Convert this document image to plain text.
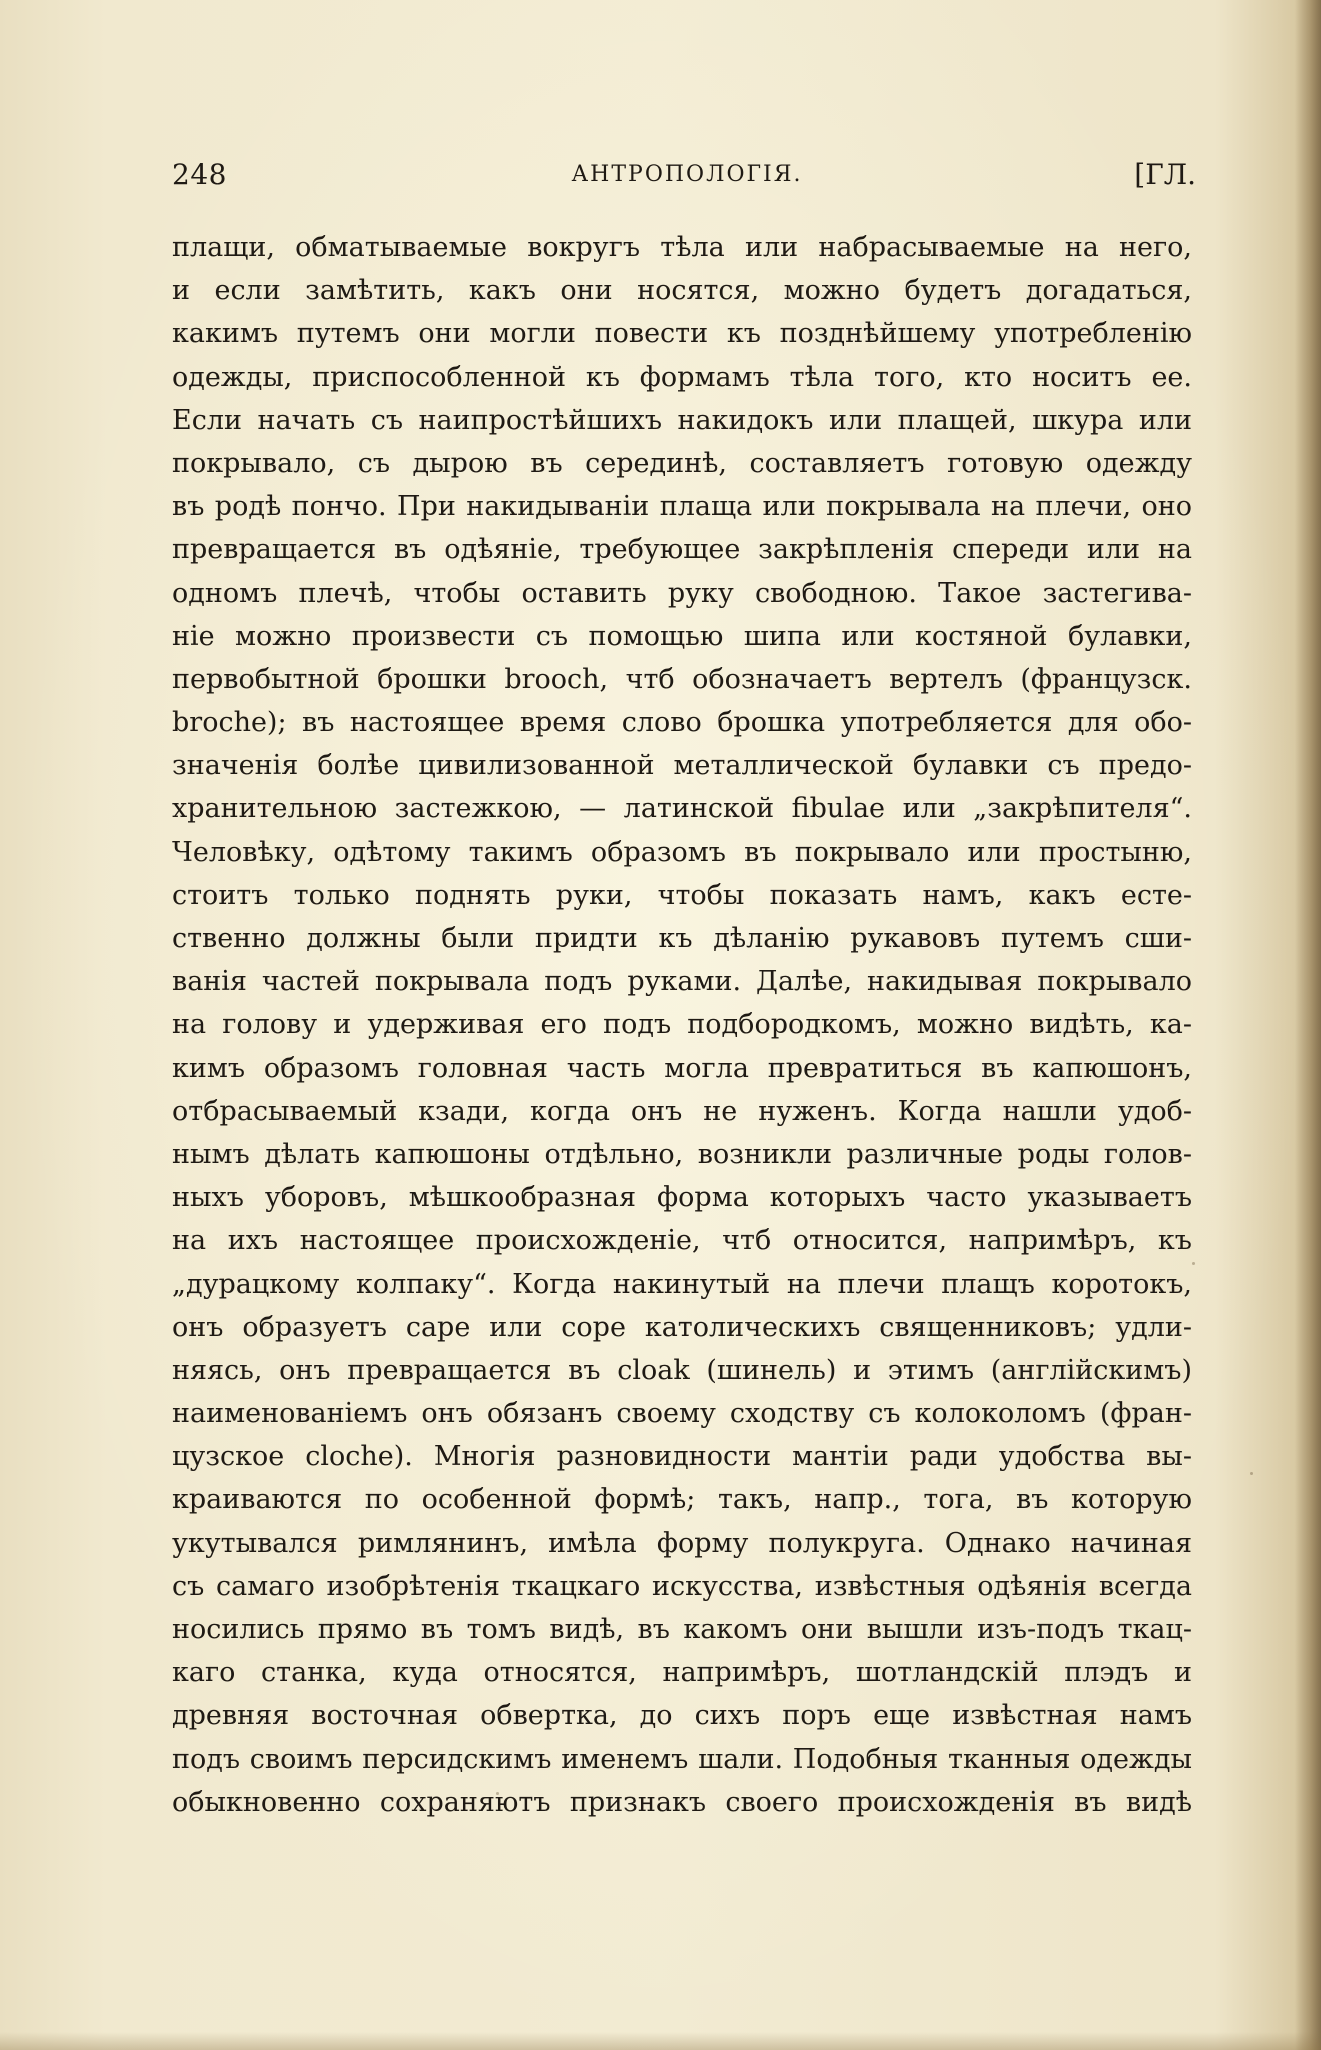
248	АНТРОПОЛОГІЯ.	[ГЛ.
плащи, обматываемые вокругъ тѣла или набрасываемые на него,
и если замѣтить, какъ они носятся, можно будетъ догадаться,
какимъ путемъ они могли повести къ позднѣйшему употребленію
одежды, приспособленной къ формамъ тѣла того, кто носитъ ее.
Если начать съ наипростѣйшихъ накидокъ или плащей, шкура или
покрывало, съ дырою въ серединѣ, составляетъ готовую одежду
въ родѣ пончо. При накидываніи плаща или покрывала на плечи, оно
превращается въ одѣяніе, требующее закрѣпленія спереди или на
одномъ плечѣ, чтобы оставить руку свободною. Такое застегива-
ніе можно произвести съ помощью шипа или костяной булавки,
первобытной брошки brooch, чтб обозначаетъ вертелъ (французск.
broche); въ настоящее время слово брошка употребляется для обо-
значенія болѣе цивилизованной металлической булавки съ предо-
хранительною застежкою, — латинской fibulae или „закрѣпителя“.
Человѣку, одѣтому такимъ образомъ въ покрывало или простыню,
стоитъ только поднять руки, чтобы показать намъ, какъ есте-
ственно должны были придти къ дѣланію рукавовъ путемъ сши-
ванія частей покрывала подъ руками. Далѣе, накидывая покрывало
на голову и удерживая его подъ подбородкомъ, можно видѣть, ка-
кимъ образомъ головная часть могла превратиться въ капюшонъ,
отбрасываемый кзади, когда онъ не нуженъ. Когда нашли удоб-
нымъ дѣлать капюшоны отдѣльно, возникли различные роды голов-
ныхъ уборовъ, мѣшкообразная форма которыхъ часто указываетъ
на ихъ настоящее происхожденіе, чтб относится, напримѣръ, къ
„дурацкому колпаку“. Когда накинутый на плечи плащъ коротокъ,
онъ образуетъ cape или cope католическихъ священниковъ; удли-
няясь, онъ превращается въ cloak (шинель) и этимъ (англійскимъ)
наименованіемъ онъ обязанъ своему сходству съ колоколомъ (фран-
цузское cloche). Многія разновидности мантіи ради удобства вы-
краиваются по особенной формѣ; такъ, напр., тога, въ которую
укутывался римлянинъ, имѣла форму полукруга. Однако начиная
съ самаго изобрѣтенія ткацкаго искусства, извѣстныя одѣянія всегда
носились прямо въ томъ видѣ, въ какомъ они вышли изъ-подъ ткац-
каго станка, куда относятся, напримѣръ, шотландскій плэдъ и
древняя восточная обвертка, до сихъ поръ еще извѣстная намъ
подъ своимъ персидскимъ именемъ шали. Подобныя тканныя одежды
обыкновенно сохраняютъ признакъ своего происхожденія въ видѣ
